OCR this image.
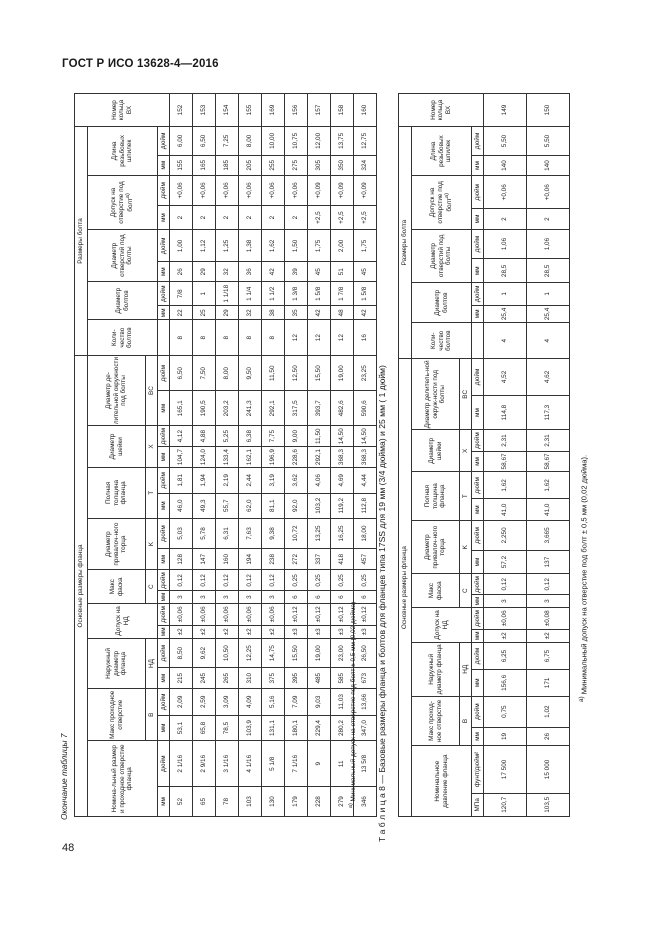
ГОСТ Р ИСО 13628-4—2016
48
Окончание таблицы 7
Основные размеры фланца																		Размеры болта									Номер кольца ВХ
Номина-льный размер и проходное отверстие фланца		Макс проходное отверстие		Наружный диаметр фланца		Допуск на НД		Макс фаска		Диаметр привалоч-ного торца		Полная толщина фланца		Диаметр шейки		Диаметр де-лительной окружности под болты		Коли-чество болтов	Диаметр болтов		Диаметр отверстий под болты		Допуск на отверстие под болт$^{a)}$		Длина резьбовых шпилек		
		B		НД				C		K		T		X		BC											
мм	дюйм	мм	дюйм	мм	дюйм	мм	дюйм	мм	дюйм	мм	дюйм	мм	дюйм	мм	дюйм	мм	дюйм		мм	дюйм	мм	дюйм	мм	дюйм	мм	дюйм	
52	2 1/16	53,1	2,09	215	8,50	±2	±0,06	3	0,12	128	5,03	46,0	1,81	104,7	4,12	165,1	6,50	8	22	7/8	26	1,00	2	+0,06	155	6,00	152
65	2 9/16	65,8	2,59	245	9,62	±2	±0,06	3	0,12	147	5,78	49,3	1,94	124,0	4,88	190,5	7,50	8	25	1	29	1,12	2	+0,06	165	6,50	153
78	3 1/16	78,5	3,09	265	10,50	±2	±0,06	3	0,12	160	6,31	55,7	2,19	133,4	5,25	203,2	8,00	8	29	1 1/18	32	1,25	2	+0,06	185	7,25	154
103	4 1/16	103,9	4,09	310	12,25	±2	±0,06	3	0,12	194	7,63	62,0	2,44	162,1	6,38	241,3	9,50	8	32	1 1/4	36	1,38	2	+0,06	205	8,00	155
130	5 1/8	131,1	5,16	375	14,75	±2	±0,06	3	0,12	238	9,38	81,1	3,19	196,9	7,75	292,1	11,50	8	38	1 1/2	42	1,62	2	+0,06	255	10,00	169
179	7 1/16	180,1	7,09	395	15,50	±3	±0,12	6	0,25	272	10,72	92,0	3,62	228,6	9,00	317,5	12,50	12	35	1 3/8	39	1,50	2	+0,06	275	10,75	156
228	9	229,4	9,03	485	19,00	±3	±0,12	6	0,25	337	13,25	103,2	4,06	292,1	11,50	393,7	15,50	12	42	1 5/8	45	1,75	+2,5	+0,09	305	12,00	157
279	11	280,2	11,03	585	23,00	±3	±0,12	6	0,25	418	16,25	119,2	4,69	368,3	14,50	482,6	19,00	12	48	1 7/8	51	2,00	+2,5	+0,09	350	13,75	158
346	13 5/8	347,0	13,66	673	26,50	±3	±0,12	6	0,25	457	18,00	112,8	4,44	368,3	14,50	590,6	23,25	16	42	1 5/8	45	1,75	+2,5	+0,09	324	12,75	160
$^{a)}$ Минимальный допуск на отверстие под болт ± 0,5 мм (0,02 дюйма) Т а б л и ц а 8 — Базовые размеры фланца и болтов для фланцев типа 17SS для 19 мм (3/4 дюйма) и 25 мм ( 1 дюйм) Основные размеры фланца																		Размеры болта									Номер кольца ВХ
Номинальное давление фланца		Макс проход-ное отверстие		Наружный диаметр фланца		Допуск на НД		Макс фаска		Диаметр привалоч-ного торца		Полная толщина фланца		Диаметр шейки		Диаметр делитель-ной окруж-ности под болты		Коли-чество болтов	Диаметр болтов		Диаметр отверстий под болты		Допуск на отверстие под болт$^{a)}$		Длина резьбовых шпилек		
		B		НД				C		K		T		X		BC											
МПа	фунт/дюйм²	мм	дюйм	мм	дюйм	мм	дюйм	мм	дюйм	мм	дюйм	мм	дюйм	мм	дюйм	мм	дюйм		мм	дюйм	мм	дюйм	мм	дюйм	мм	дюйм	
120,7	17 500	19	0,75	156,6	6,25	±2	±0,06	3	0,12	57,2	2,250	41,0	1,62	58,67	2,31	114,8	4,52	4	25,4	1	28,5	1,06	2	+0,06	140	5,50	149
103,5	15 000	26	1,02	171	6,75	±2	±0,08	3	0,12	137	3,665	41,0	1,62	58,67	2,31	117,3	4,62	4	25,4	1	28,5	1,06	2	+0,06	140	5,50	150
$^{a)}$ Минимальный допуск на отверстие под болт ± 0,5 мм (0,02 дюйма).
